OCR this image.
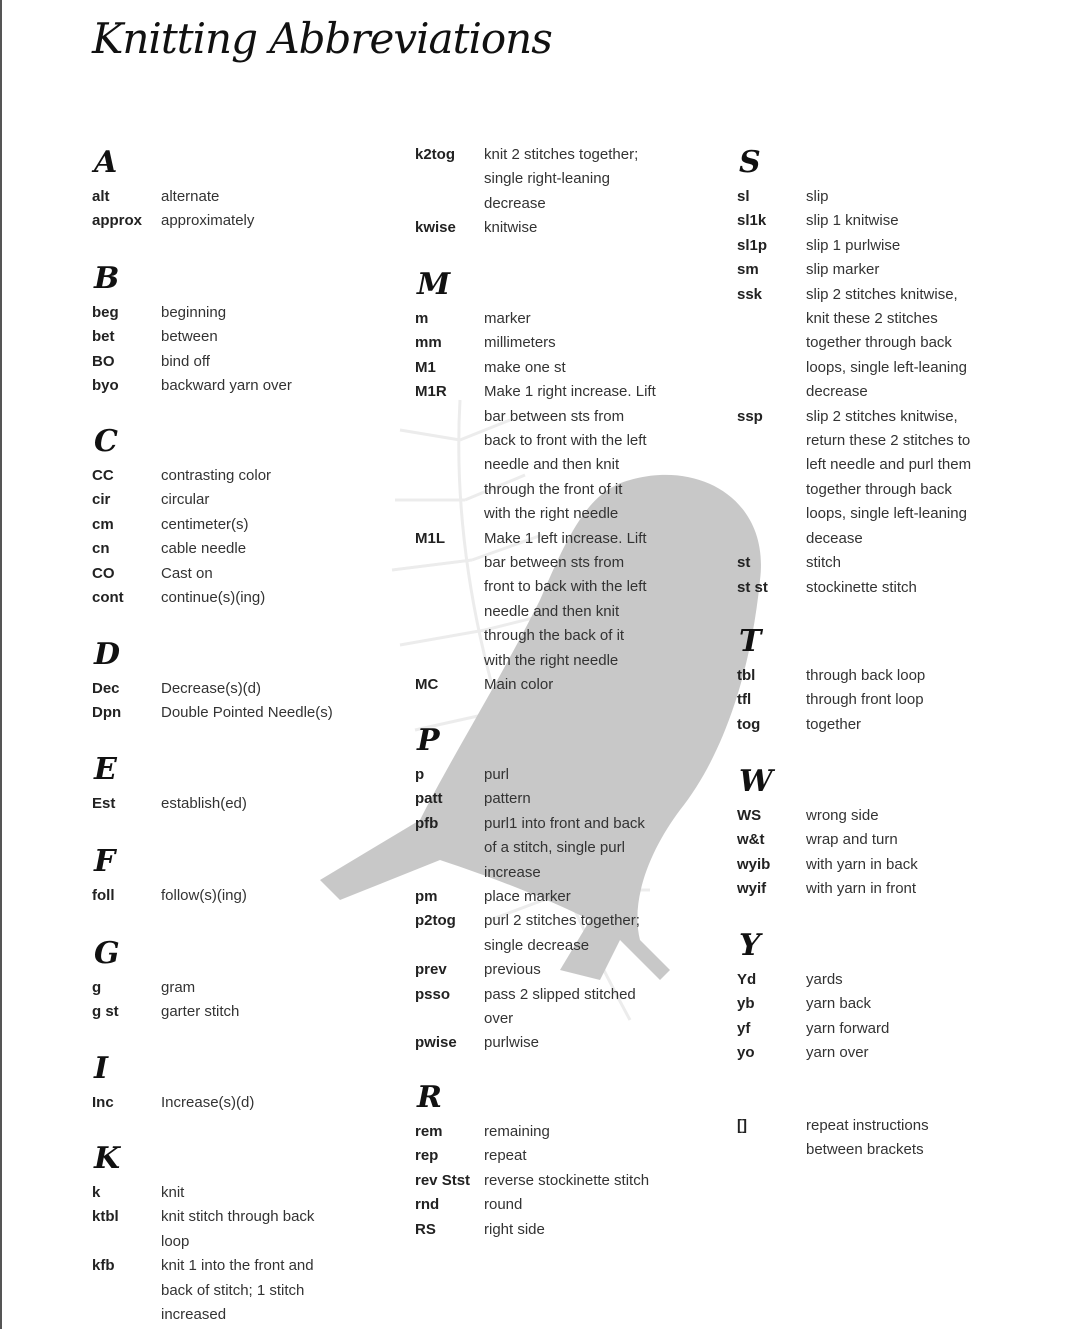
Knitting Abbreviations
A
alt	alternate
approx	approximately
B
beg	beginning
bet	between
BO	bind off
byo	backward yarn over
C
CC	contrasting color
cir	circular
cm	centimeter(s)
cn	cable needle
CO	Cast on
cont	continue(s)(ing)
D
Dec	Decrease(s)(d)
Dpn	Double Pointed Needle(s)
E
Est	establish(ed)
F
foll	follow(s)(ing)
G
g	gram
g st	garter stitch
I
Inc	Increase(s)(d)
K
k	knit
ktbl	knit stitch through back
loop
kfb	knit 1 into the front and
back of stitch; 1 stitch
increased
k2tog	knit 2 stitches together;
single right-leaning
decrease
kwise	knitwise
M
m	marker
mm	millimeters
M1	make one st
M1R	Make 1 right increase. Lift
bar between sts from
back to front with the left
needle and then knit
through the front of it
with the right needle
M1L	Make 1 left increase. Lift
bar between sts from
front to back with the left
needle and then knit
through the back of it
with the right needle
MC	Main color
P
p	purl
patt	pattern
pfb	purl1 into front and back
of a stitch, single purl
increase
pm	place marker
p2tog	purl 2 stitches together;
single decrease
prev	previous
psso	pass 2 slipped stitched
over
pwise	purlwise
R
rem	remaining
rep	repeat
rev Stst reverse stockinette stitch
rnd	round
RS	right side
S
sl	slip
sl1k	slip 1 knitwise
sl1p	slip 1 purlwise
sm	slip marker
ssk	slip 2 stitches knitwise,
knit these 2 stitches
together through back
loops, single left-leaning
decrease
ssp	slip 2 stitches knitwise,
return these 2 stitches to
left needle and purl them
together through back
loops, single left-leaning
decease
st	stitch
st st	stockinette stitch
T
tbl	through back loop
tfl	through front loop
tog	together
W
WS	wrong side
w&t	wrap and turn
wyib	with yarn in back
wyif	with yarn in front
Y
Yd	yards
yb	yarn back
yf	yarn forward
yo	yarn over
[]	repeat instructions
between brackets
